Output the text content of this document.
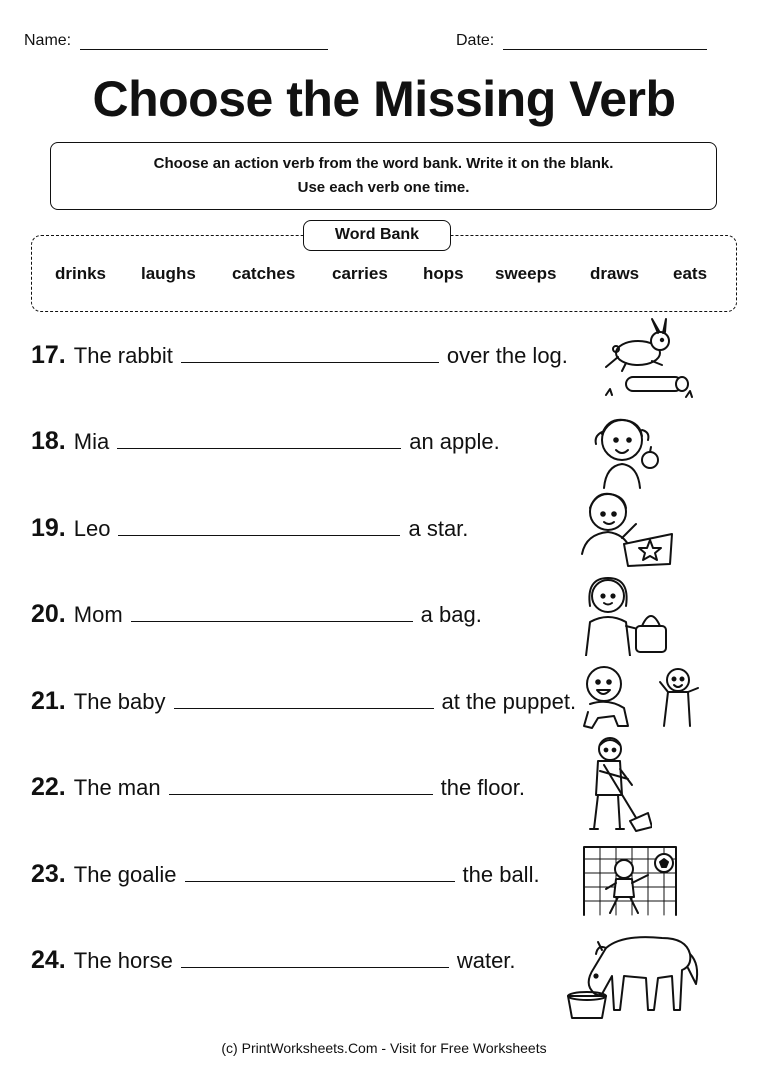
Name:	Date:
Choose the Missing Verb
Choose an action verb from the word bank. Write it on the blank.
Use each verb one time.
Word Bank
drinks laughs catches carries hops sweeps draws eats
17. The rabbit	over the log.
18. Mia	an apple.
19. Leo	a star.
20. Mom	a bag.
21. The baby	at the puppet.
22. The man	the floor.
23. The goalie	the ball.
24. The horse	water.
(c) PrintWorksheets.Com - Visit for Free Worksheets
